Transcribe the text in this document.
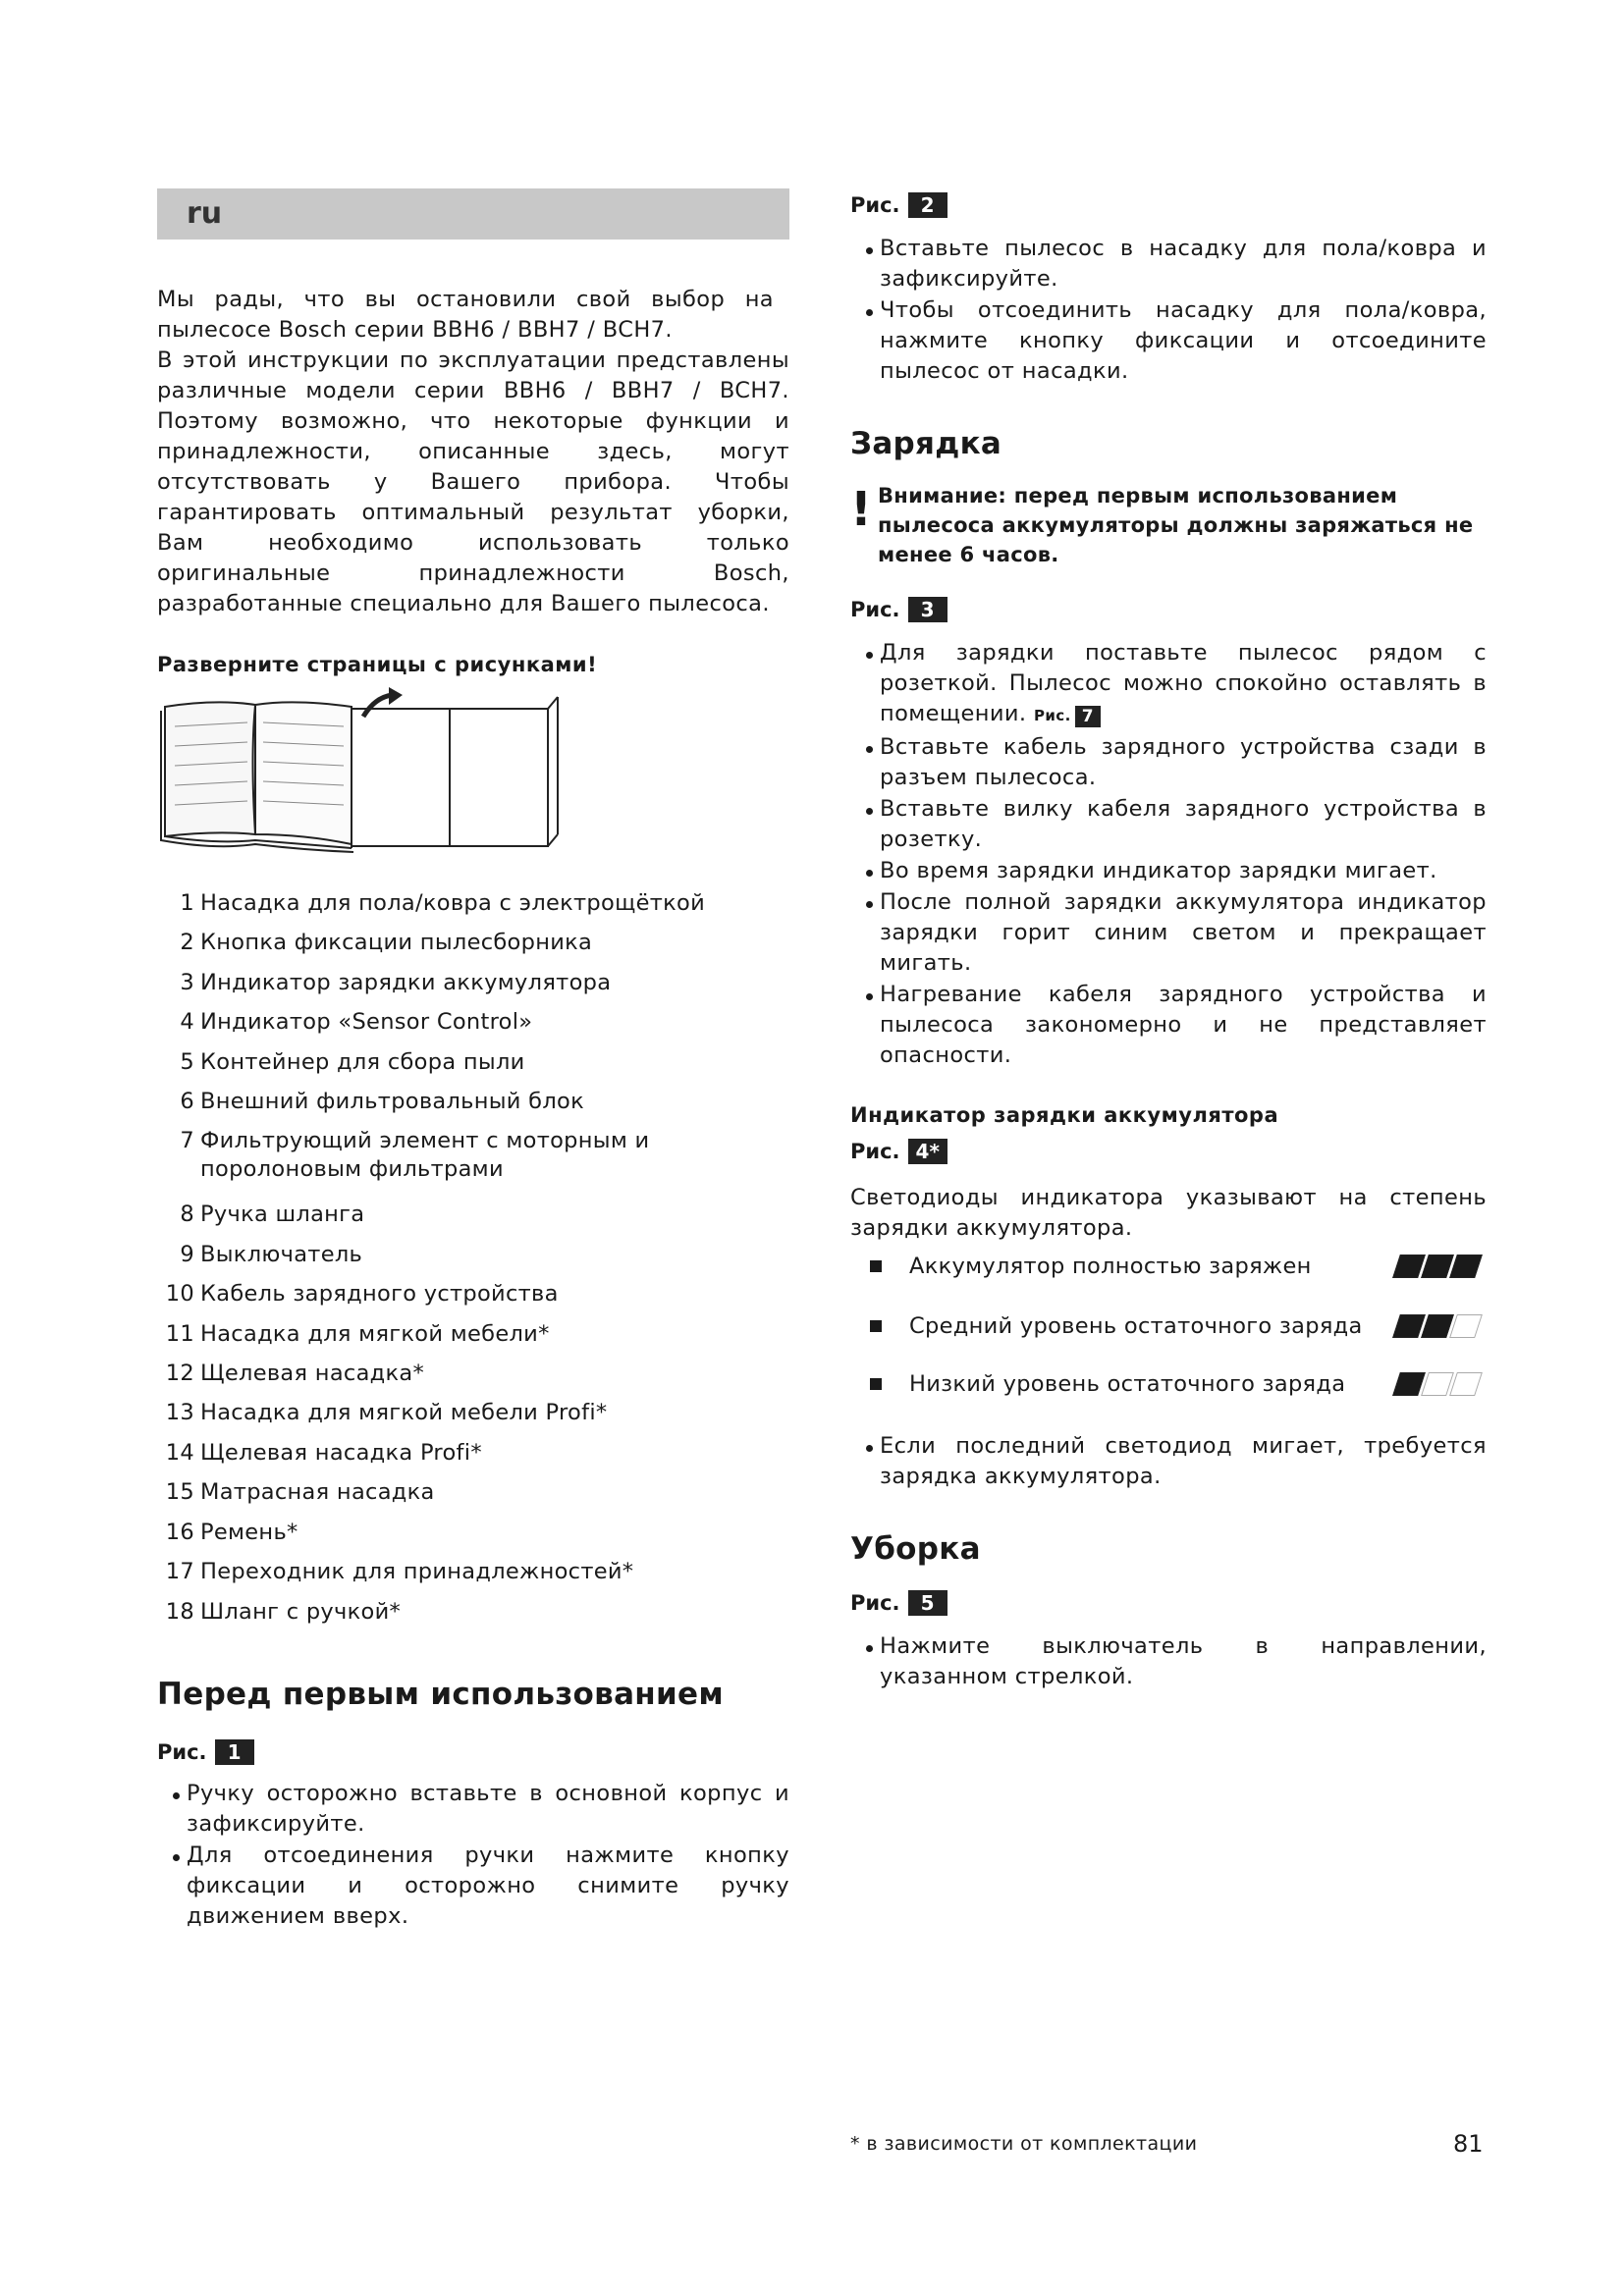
ru

Мы рады, что вы остановили свой выбор на пылесосе Bosch серии BBH6 / BBH7 / BCH7.

В этой инструкции по эксплуатации представлены различные модели серии BBH6 / BBH7 / BCH7. Поэтому возможно, что некоторые функции и принадлежности, описанные здесь, могут отсутствовать у Вашего прибора. Чтобы гарантировать оптимальный результат уборки, Вам необходимо использовать только оригинальные принадлежности Bosch, разработанные специально для Вашего пылесоса.

Разверните страницы с рисунками!
1 Насадка для пола/ковра с электрощёткой
2 Кнопка фиксации пылесборника
3 Индикатор зарядки аккумулятора
4 Индикатор «Sensor Control»
5 Контейнер для сбора пыли
6 Внешний фильтровальный блок
7 Фильтрующий элемент с моторным и
поролоновым фильтрами
8 Ручка шланга
9 Выключатель
10 Кабель зарядного устройства
11 Насадка для мягкой мебели*
12 Щелевая насадка*
13 Насадка для мягкой мебели Profi*
14 Щелевая насадка Profi*
15 Матрасная насадка
16 Ремень*
17 Переходник для принадлежностей*
18 Шланг с ручкой*
Перед первым использованием
Рис.	1
Ручку осторожно вставьте в основной корпус и зафиксируйте.
Для отсоединения ручки нажмите кнопку фиксации и осторожно снимите ручку движением вверх.
Рис.	2
Вставьте пылесос в насадку для пола/ковра и зафиксируйте.
Чтобы отсоединить насадку для пола/ковра, нажмите кнопку фиксации и отсоедините пылесос от насадки.
Зарядка
! Внимание: перед первым использованием пылесоса аккумуляторы должны заряжаться не менее 6 часов.
Рис.	3
Для зарядки поставьте пылесос рядом с розеткой. Пылесос можно спокойно оставлять в помещении. Рис. 7
Вставьте кабель зарядного устройства сзади в разъем пылесоса.
Вставьте вилку кабеля зарядного устройства в розетку.
Во время зарядки индикатор зарядки мигает.
После полной зарядки аккумулятора индикатор зарядки горит синим светом и прекращает мигать.
Нагревание кабеля зарядного устройства и пылесоса закономерно и не представляет опасности.
Индикатор зарядки аккумулятора
Рис. 4*

Светодиоды индикатора указывают на степень зарядки аккумулятора.

Аккумулятор полностью заряжен
Средний уровень остаточного заряда
Низкий уровень остаточного заряда
Если последний светодиод мигает, требуется зарядка аккумулятора.
Уборка
Рис.	5
Нажмите выключатель в направлении, указанном стрелкой.
* в зависимости от комплектации	81
